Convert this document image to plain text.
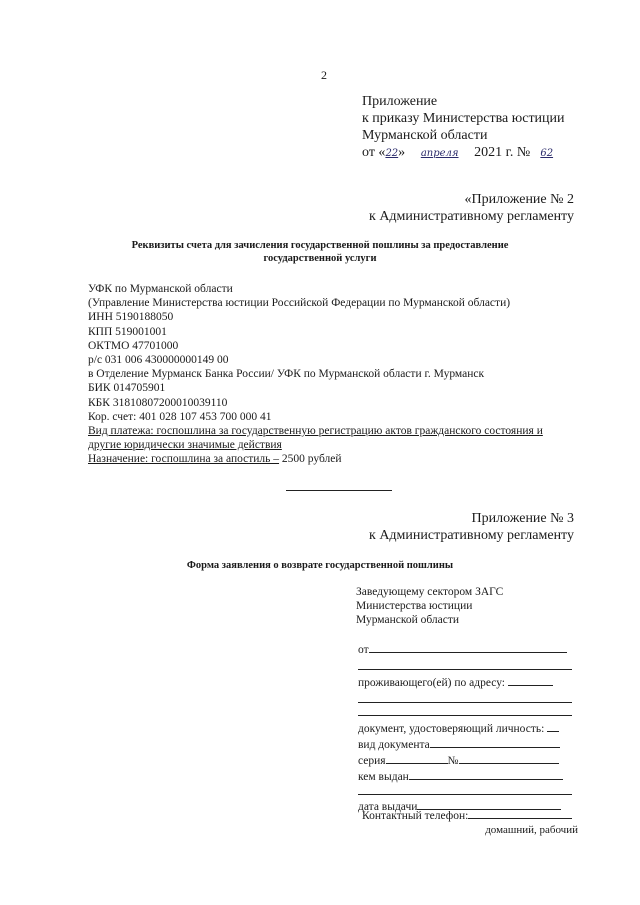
2
Приложение
к приказу Министерства юстиции
Мурманской области
от «22» апреля 2021 г. № 62
«Приложение № 2
к Административному регламенту
Реквизиты счета для зачисления государственной пошлины за предоставление
государственной услуги
УФК по Мурманской области
(Управление Министерства юстиции Российской Федерации по Мурманской области)
ИНН 5190188050
КПП 519001001
ОКТМО 47701000
р/с 031 006 430000000149 00
в Отделение Мурманск Банка России/ УФК по Мурманской области г. Мурманск
БИК 014705901
КБК 31810807200010039110
Кор. счет: 401 028 107 453 700 000 41
Вид платежа: госпошлина за государственную регистрацию актов гражданского состояния и
другие юридически значимые действия
Назначение: госпошлина за апостиль – 2500 рублей
Приложение № 3
к Административному регламенту
Форма заявления о возврате государственной пошлины
Заведующему сектором ЗАГС
Министерства юстиции
Мурманской области
от
проживающего(ей) по адресу:
документ, удостоверяющий личность:
вид документа
серия	№
кем выдан
дата выдачи
Контактный телефон:
домашний, рабочий
